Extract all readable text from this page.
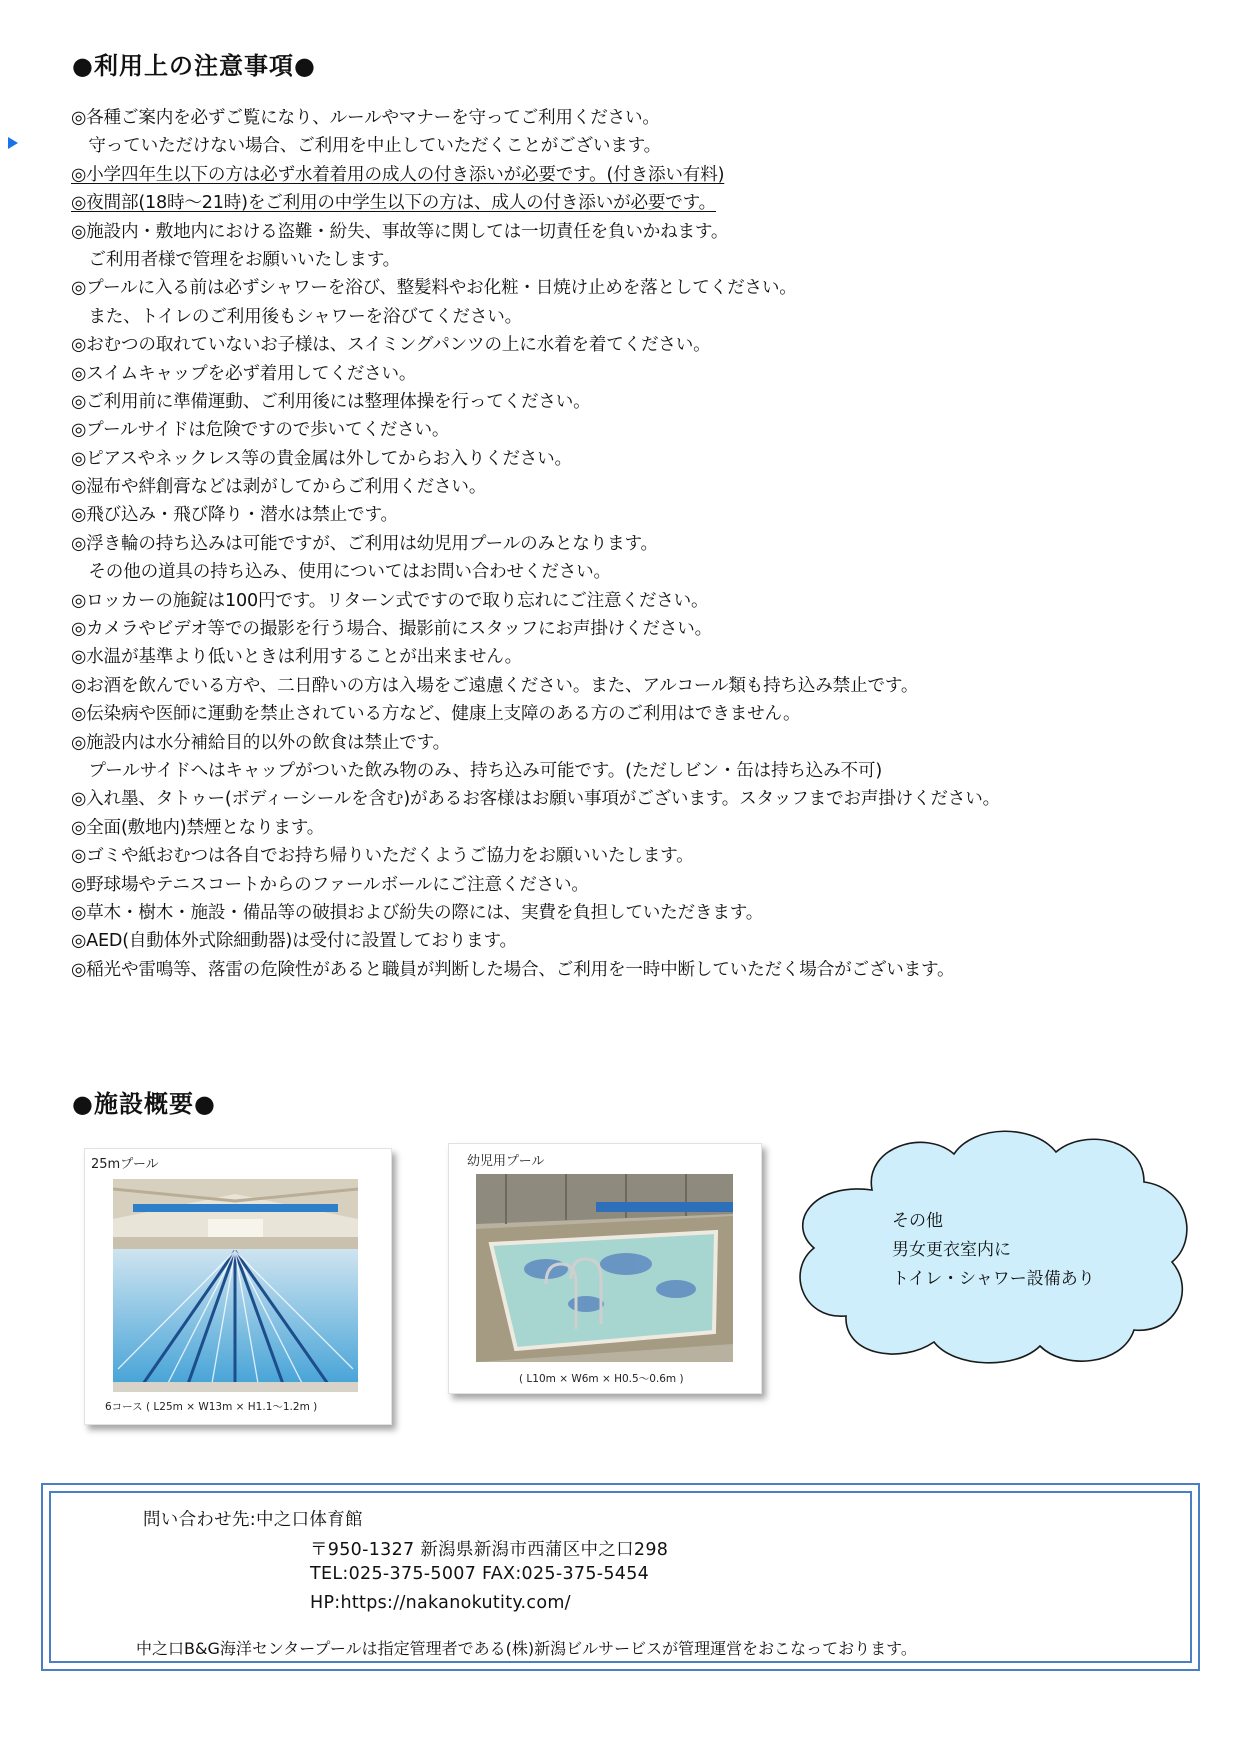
●利用上の注意事項●
◎各種ご案内を必ずご覧になり、ルールやマナーを守ってご利用ください。
　守っていただけない場合、ご利用を中止していただくことがございます。
◎小学四年生以下の方は必ず水着着用の成人の付き添いが必要です。(付き添い有料)
◎夜間部(18時～21時)をご利用の中学生以下の方は、成人の付き添いが必要です。
◎施設内・敷地内における盗難・紛失、事故等に関しては一切責任を負いかねます。
　ご利用者様で管理をお願いいたします。
◎プールに入る前は必ずシャワーを浴び、整髪料やお化粧・日焼け止めを落としてください。
　また、トイレのご利用後もシャワーを浴びてください。
◎おむつの取れていないお子様は、スイミングパンツの上に水着を着てください。
◎スイムキャップを必ず着用してください。
◎ご利用前に準備運動、ご利用後には整理体操を行ってください。
◎プールサイドは危険ですので歩いてください。
◎ピアスやネックレス等の貴金属は外してからお入りください。
◎湿布や絆創膏などは剥がしてからご利用ください。
◎飛び込み・飛び降り・潜水は禁止です。
◎浮き輪の持ち込みは可能ですが、ご利用は幼児用プールのみとなります。
　その他の道具の持ち込み、使用についてはお問い合わせください。
◎ロッカーの施錠は100円です。リターン式ですので取り忘れにご注意ください。
◎カメラやビデオ等での撮影を行う場合、撮影前にスタッフにお声掛けください。
◎水温が基準より低いときは利用することが出来ません。
◎お酒を飲んでいる方や、二日酔いの方は入場をご遠慮ください。また、アルコール類も持ち込み禁止です。
◎伝染病や医師に運動を禁止されている方など、健康上支障のある方のご利用はできません。
◎施設内は水分補給目的以外の飲食は禁止です。
　プールサイドへはキャップがついた飲み物のみ、持ち込み可能です。(ただしビン・缶は持ち込み不可)
◎入れ墨、タトゥー(ボディーシールを含む)があるお客様はお願い事項がございます。スタッフまでお声掛けください。
◎全面(敷地内)禁煙となります。
◎ゴミや紙おむつは各自でお持ち帰りいただくようご協力をお願いいたします。
◎野球場やテニスコートからのファールボールにご注意ください。
◎草木・樹木・施設・備品等の破損および紛失の際には、実費を負担していただきます。
◎AED(自動体外式除細動器)は受付に設置しております。
◎稲光や雷鳴等、落雷の危険性があると職員が判断した場合、ご利用を一時中断していただく場合がございます。
●施設概要●
25mプール
6コース ( L25m × W13m × H1.1～1.2m )
幼児用プール
( L10m × W6m × H0.5～0.6m )
その他
男女更衣室内に
トイレ・シャワー設備あり
問い合わせ先:中之口体育館
〒950-1327 新潟県新潟市西蒲区中之口298
TEL:025-375-5007 FAX:025-375-5454
HP:https://nakanokutity.com/
中之口B&G海洋センタープールは指定管理者である(株)新潟ビルサービスが管理運営をおこなっております。
